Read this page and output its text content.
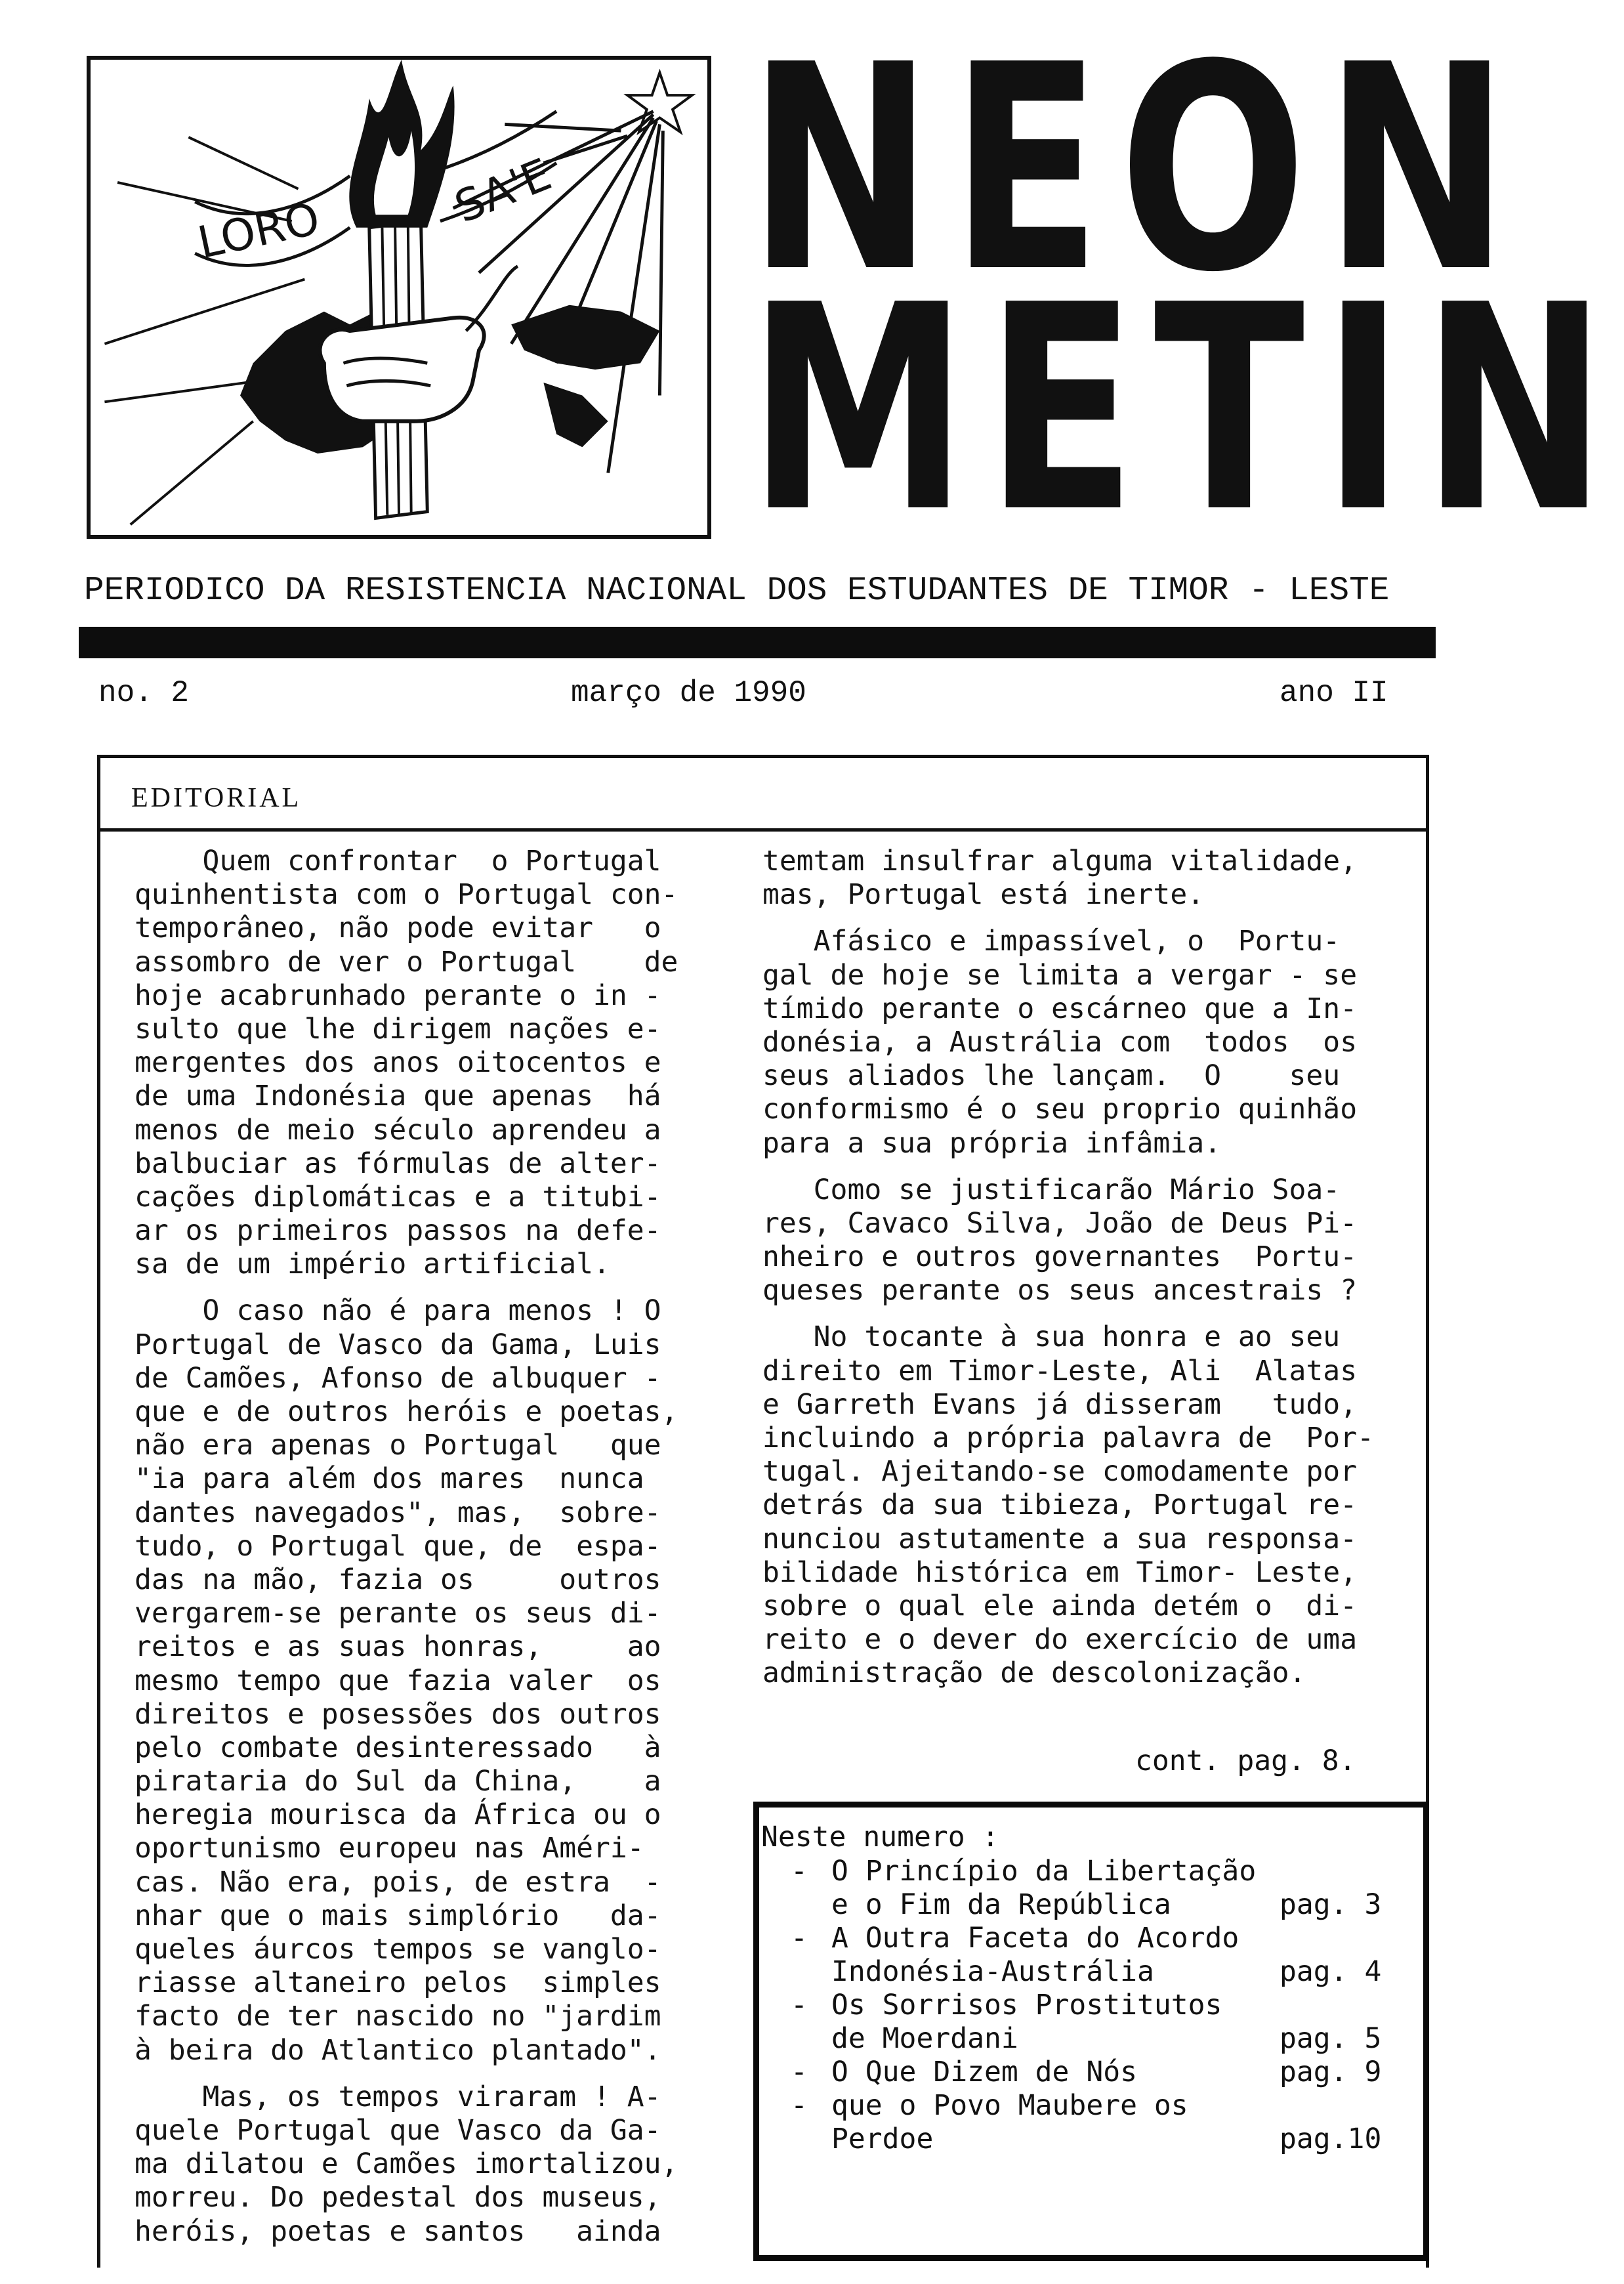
LORO	SA'E NEON
METIN
PERIODICO DA RESISTENCIA NACIONAL DOS ESTUDANTES DE TIMOR - LESTE
no. 2	março de 1990	ano II
EDITORIAL
Quem confrontar  o Portugal
quinhentista com o Portugal con-
temporâneo, não pode evitar   o
assombro de ver o Portugal    de
hoje acabrunhado perante o in -
sulto que lhe dirigem nações e-
mergentes dos anos oitocentos e
de uma Indonésia que apenas  há
menos de meio século aprendeu a
balbuciar as fórmulas de alter-
cações diplomáticas e a titubi-
ar os primeiros passos na defe-
sa de um império artificial.
O caso não é para menos ! O
Portugal de Vasco da Gama, Luis
de Camões, Afonso de albuquer -
que e de outros heróis e poetas,
não era apenas o Portugal   que
"ia para além dos mares  nunca
dantes navegados", mas,  sobre-
tudo, o Portugal que, de  espa-
das na mão, fazia os     outros
vergarem-se perante os seus di-
reitos e as suas honras,     ao
mesmo tempo que fazia valer  os
direitos e posessões dos outros
pelo combate desinteressado   à
pirataria do Sul da China,    a
heregia mourisca da África ou o
oportunismo europeu nas Améri-
cas. Não era, pois, de estra  -
nhar que o mais simplório   da-
queles áurcos tempos se vanglo-
riasse altaneiro pelos  simples
facto de ter nascido no "jardim
à beira do Atlantico plantado".
Mas, os tempos viraram ! A-
quele Portugal que Vasco da Ga-
ma dilatou e Camões imortalizou,
morreu. Do pedestal dos museus,
heróis, poetas e santos   ainda
temtam insulfrar alguma vitalidade,
mas, Portugal está inerte.
Afásico e impassível, o  Portu-
gal de hoje se limita a vergar - se
tímido perante o escárneo que a In-
donésia, a Austrália com  todos  os
seus aliados lhe lançam.  O    seu
conformismo é o seu proprio quinhão
para a sua própria infâmia.
Como se justificarão Mário Soa-
res, Cavaco Silva, João de Deus Pi-
nheiro e outros governantes  Portu-
queses perante os seus ancestrais ?
No tocante à sua honra e ao seu
direito em Timor-Leste, Ali  Alatas
e Garreth Evans já disseram   tudo,
incluindo a própria palavra de  Por-
tugal. Ajeitando-se comodamente por
detrás da sua tibieza, Portugal re-
nunciou astutamente a sua responsa-
bilidade histórica em Timor- Leste,
sobre o qual ele ainda detém o  di-
reito e o dever do exercício de uma
administração de descolonização.
cont. pag. 8.
Neste numero :
- O Princípio da Libertação
e o Fim da República	pag. 3
- A Outra Faceta do Acordo
Indonésia-Austrália	pag. 4
- Os Sorrisos Prostitutos
de Moerdani	pag. 5
- O Que Dizem de Nós	pag. 9
- que o Povo Maubere os
Perdoe	pag.10
